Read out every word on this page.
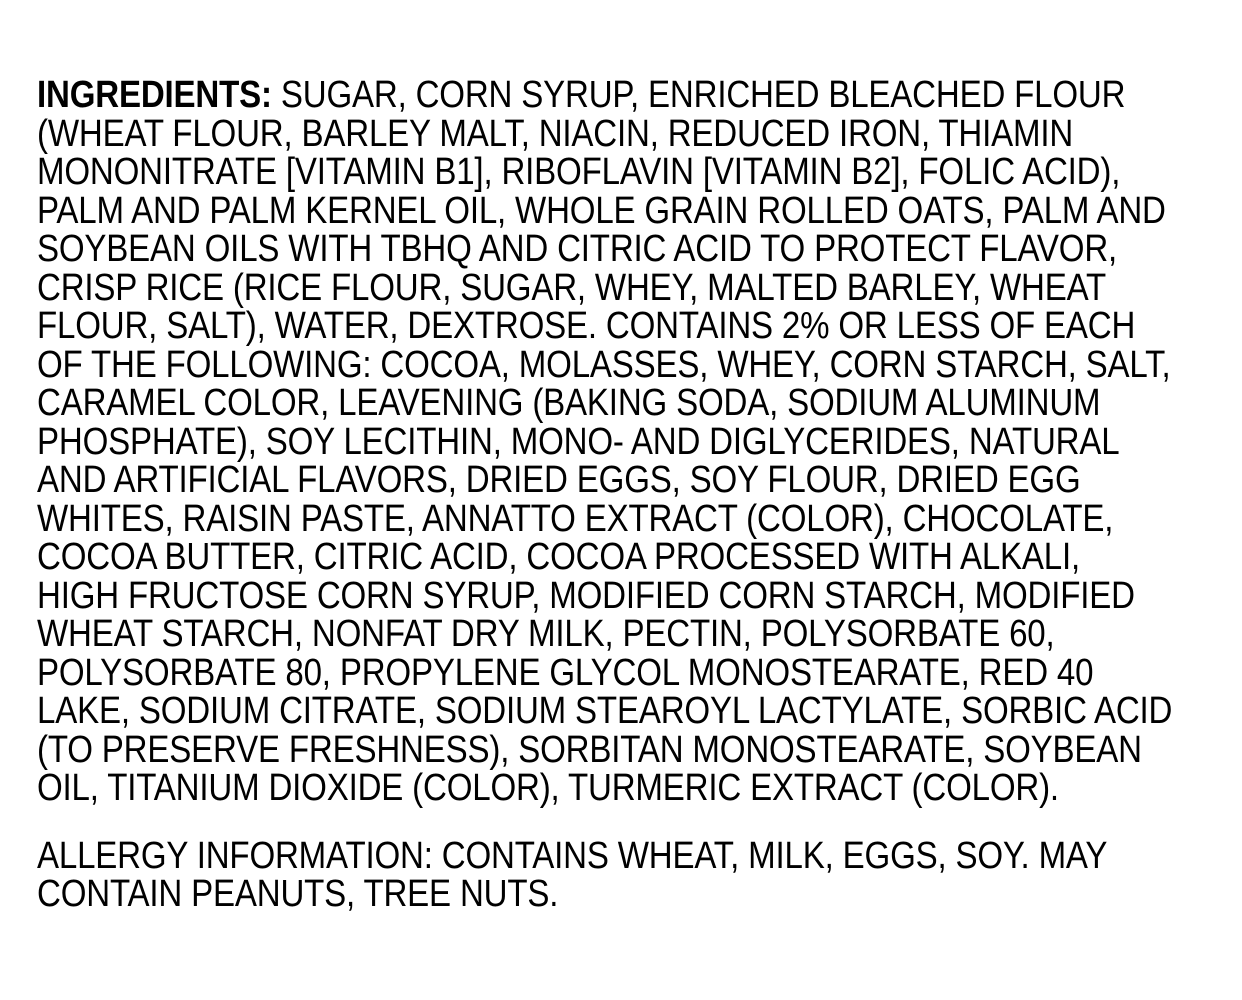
INGREDIENTS: SUGAR, CORN SYRUP, ENRICHED BLEACHED FLOUR
(WHEAT FLOUR, BARLEY MALT, NIACIN, REDUCED IRON, THIAMIN
MONONITRATE [VITAMIN B1], RIBOFLAVIN [VITAMIN B2], FOLIC ACID),
PALM AND PALM KERNEL OIL, WHOLE GRAIN ROLLED OATS, PALM AND
SOYBEAN OILS WITH TBHQ AND CITRIC ACID TO PROTECT FLAVOR,
CRISP RICE (RICE FLOUR, SUGAR, WHEY, MALTED BARLEY, WHEAT
FLOUR, SALT), WATER, DEXTROSE. CONTAINS 2% OR LESS OF EACH
OF THE FOLLOWING: COCOA, MOLASSES, WHEY, CORN STARCH, SALT,
CARAMEL COLOR, LEAVENING (BAKING SODA, SODIUM ALUMINUM
PHOSPHATE), SOY LECITHIN, MONO- AND DIGLYCERIDES, NATURAL
AND ARTIFICIAL FLAVORS, DRIED EGGS, SOY FLOUR, DRIED EGG
WHITES, RAISIN PASTE, ANNATTO EXTRACT (COLOR), CHOCOLATE,
COCOA BUTTER, CITRIC ACID, COCOA PROCESSED WITH ALKALI,
HIGH FRUCTOSE CORN SYRUP, MODIFIED CORN STARCH, MODIFIED
WHEAT STARCH, NONFAT DRY MILK, PECTIN, POLYSORBATE 60,
POLYSORBATE 80, PROPYLENE GLYCOL MONOSTEARATE, RED 40
LAKE, SODIUM CITRATE, SODIUM STEAROYL LACTYLATE, SORBIC ACID
(TO PRESERVE FRESHNESS), SORBITAN MONOSTEARATE, SOYBEAN
OIL, TITANIUM DIOXIDE (COLOR), TURMERIC EXTRACT (COLOR).
ALLERGY INFORMATION: CONTAINS WHEAT, MILK, EGGS, SOY. MAY
CONTAIN PEANUTS, TREE NUTS.
